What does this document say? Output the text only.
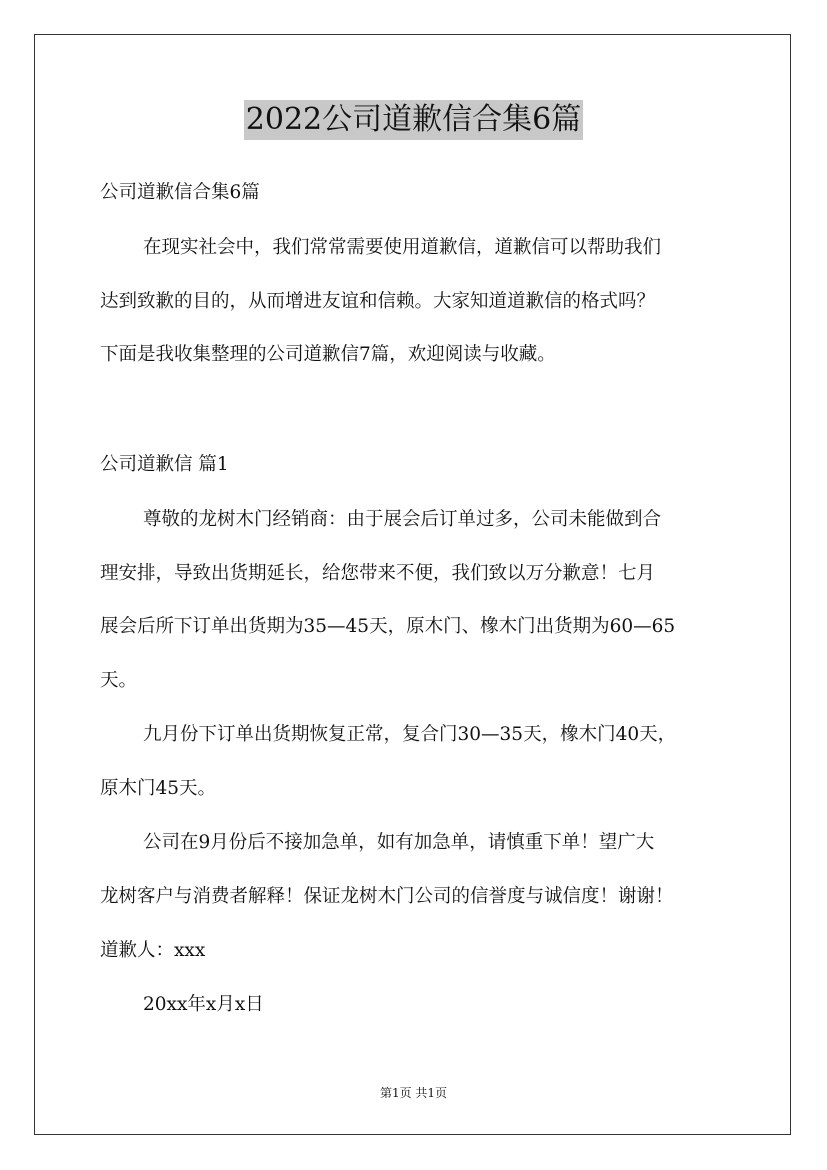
2022公司道歉信合集6篇
公司道歉信合集6篇
在现实社会中，我们常常需要使用道歉信，道歉信可以帮助我们
达到致歉的目的，从而增进友谊和信赖。大家知道道歉信的格式吗？
下面是我收集整理的公司道歉信7篇，欢迎阅读与收藏。
公司道歉信 篇1
尊敬的龙树木门经销商：由于展会后订单过多，公司未能做到合
理安排，导致出货期延长，给您带来不便，我们致以万分歉意！七月
展会后所下订单出货期为35—45天，原木门、橡木门出货期为60—65
天。
九月份下订单出货期恢复正常，复合门30—35天，橡木门40天，
原木门45天。
公司在9月份后不接加急单，如有加急单，请慎重下单！望广大
龙树客户与消费者解释！保证龙树木门公司的信誉度与诚信度！谢谢！
道歉人：xxx
20xx年x月x日
第1页 共1页
